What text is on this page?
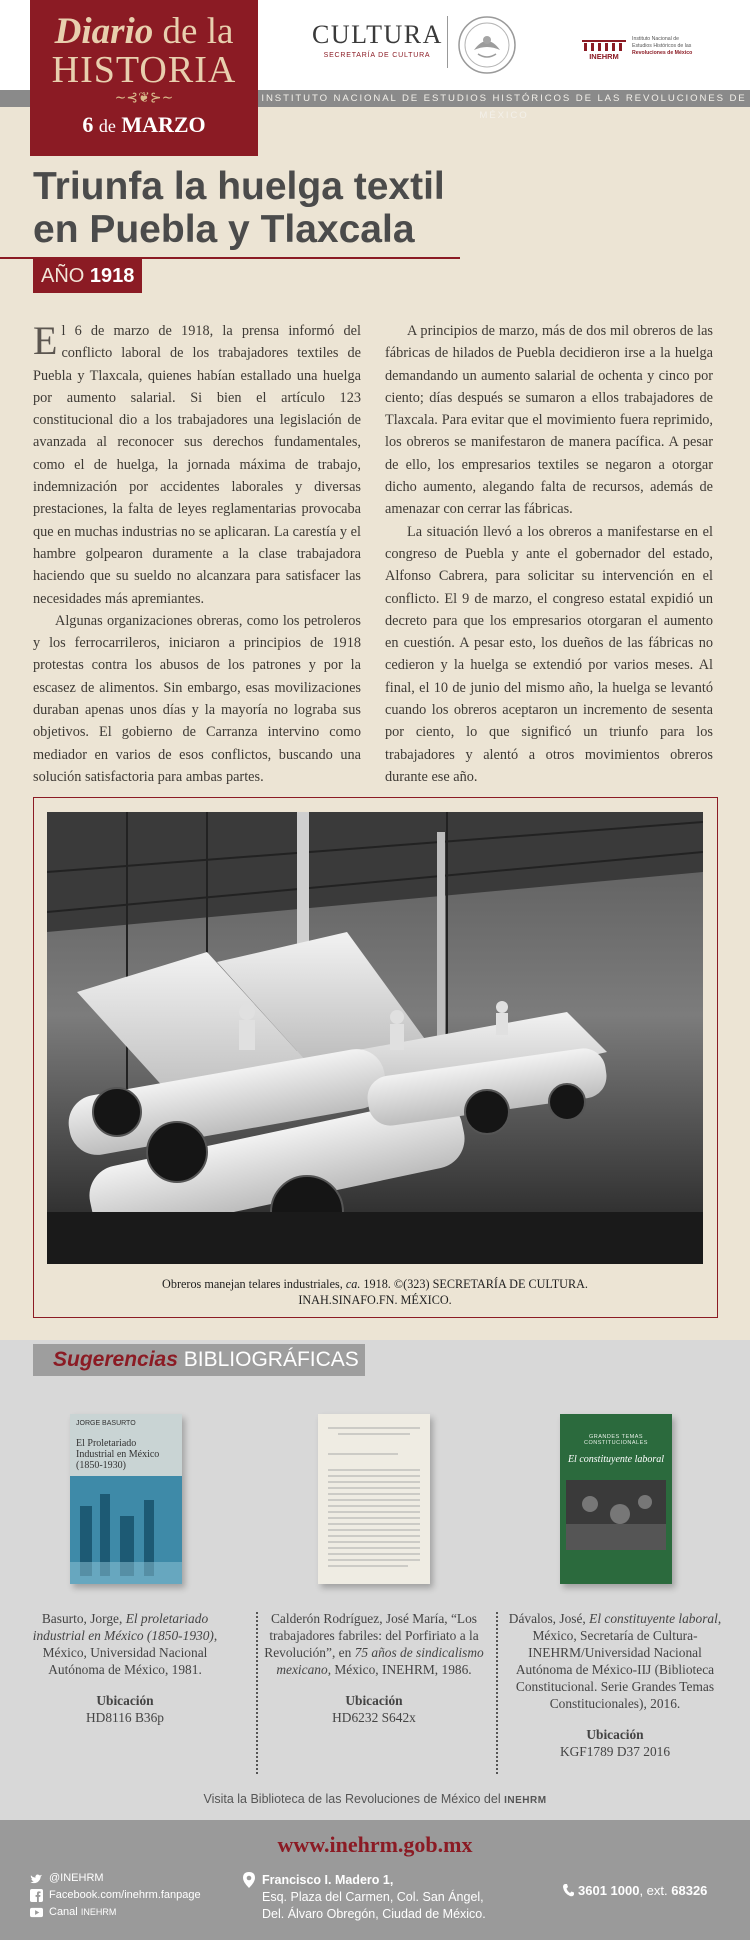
INSTITUTO NACIONAL DE ESTUDIOS HISTÓRICOS DE LAS REVOLUCIONES DE MÉXICO
Diario de la
HISTORIA
∼⊰❦⊱∼
6 de MARZO
CULTURA
SECRETARÍA DE CULTURA	INEHRM
Instituto Nacional de
Estudios Históricos de las
Revoluciones de México
Triunfa la huelga textil
en Puebla y Tlaxcala
AÑO 1918

El 6 de marzo de 1918, la prensa informó del conflicto laboral de los trabajadores textiles de Puebla y Tlaxcala, quienes habían estallado una huelga por aumento salarial. Si bien el artículo 123 constitucional dio a los trabajadores una legislación de avanzada al reconocer sus derechos fundamentales, como el de huelga, la jornada máxima de trabajo, indemnización por accidentes laborales y diversas prestaciones, la falta de leyes reglamentarias provocaba que en muchas industrias no se aplicaran. La carestía y el hambre golpearon duramente a la clase trabajadora haciendo que su sueldo no alcanzara para satisfacer las necesidades más apremiantes.

Algunas organizaciones obreras, como los petroleros y los ferrocarrileros, iniciaron a principios de 1918 protestas contra los abusos de los patrones y por la escasez de alimentos. Sin embargo, esas movilizaciones duraban apenas unos días y la mayoría no lograba sus objetivos. El gobierno de Carranza intervino como mediador en varios de esos conflictos, buscando una solución satisfactoria para ambas partes.

A principios de marzo, más de dos mil obreros de las fábricas de hilados de Puebla decidieron irse a la huelga demandando un aumento salarial de ochenta y cinco por ciento; días después se sumaron a ellos trabajadores de Tlaxcala. Para evitar que el movimiento fuera reprimido, los obreros se manifestaron de manera pacífica. A pesar de ello, los empresarios textiles se negaron a otorgar dicho aumento, alegando falta de recursos, además de amenazar con cerrar las fábricas.

La situación llevó a los obreros a manifestarse en el congreso de Puebla y ante el gobernador del estado, Alfonso Cabrera, para solicitar su intervención en el conflicto. El 9 de marzo, el congreso estatal expidió un decreto para que los empresarios otorgaran el aumento en cuestión. A pesar esto, los dueños de las fábricas no cedieron y la huelga se extendió por varios meses. Al final, el 10 de junio del mismo año, la huelga se levantó cuando los obreros aceptaron un incremento de sesenta por ciento, lo que significó un triunfo para los trabajadores y alentó a otros movimientos obreros durante ese año.

Obreros manejan telares industriales, ca. 1918. ©(323) SECRETARÍA DE CULTURA.
INAH.SINAFO.FN. MÉXICO.
Sugerencias BIBLIOGRÁFICAS
JORGE BASURTO
El Proletariado Industrial en México (1850-1930)
GRANDES TEMAS CONSTITUCIONALES
El constituyente laboral
Basurto, Jorge, El proletariado industrial en México (1850-1930), México, Universidad Nacional Autónoma de México, 1981.
Ubicación
HD8116 B36p
Calderón Rodríguez, José María, “Los trabajadores fabriles: del Porfiriato a la Revolución”, en 75 años de sindicalismo mexicano, México, INEHRM, 1986.
Ubicación
HD6232 S642x
Dávalos, José, El constituyente laboral, México, Secretaría de Cultura-INEHRM/Universidad Nacional Autónoma de México-IIJ (Biblioteca Constitucional. Serie Grandes Temas Constitucionales), 2016.
Ubicación
KGF1789 D37 2016
Visita la Biblioteca de las Revoluciones de México del INEHRM
www.inehrm.gob.mx
@INEHRM
Facebook.com/inehrm.fanpage
Canal
INEHRM
Francisco I. Madero 1,
Esq. Plaza del Carmen, Col. San Ángel,
Del. Álvaro Obregón, Ciudad de México.
3601 1000, ext. 68326
